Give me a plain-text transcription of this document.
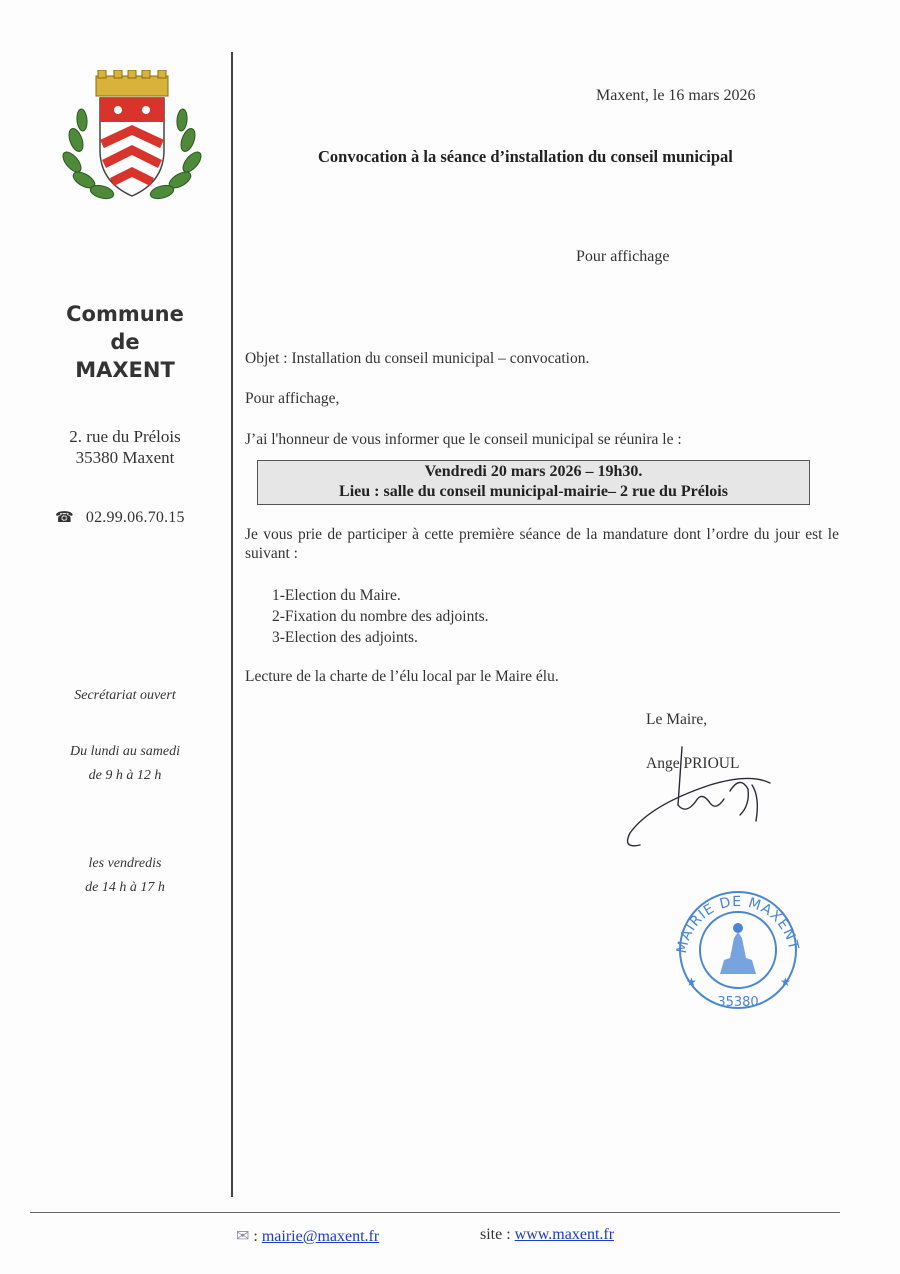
Commune
de
MAXENT
2. rue du Prélois
35380 Maxent
☎ 02.99.06.70.15
Secrétariat ouvert
Du lundi au samedi
de 9 h à 12 h
les vendredis
de 14 h à 17 h
Maxent, le 16 mars 2026
Convocation à la séance d’installation du conseil municipal
Pour affichage
Objet : Installation du conseil municipal – convocation.
Pour affichage,
J’ai l'honneur de vous informer que le conseil municipal se réunira le :
Vendredi 20 mars 2026 – 19h30.
Lieu : salle du conseil municipal-mairie– 2 rue du Prélois
Je vous prie de participer à cette première séance de la mandature dont l’ordre du jour est le suivant :
1-Election du Maire.
2-Fixation du nombre des adjoints.
3-Election des adjoints.
Lecture de la charte de l’élu local par le Maire élu.
Le Maire,
Ange PRIOUL
MAIRIE DE MAXENT
★	★
35380
✉ : mairie@maxent.fr	site : www.maxent.fr
